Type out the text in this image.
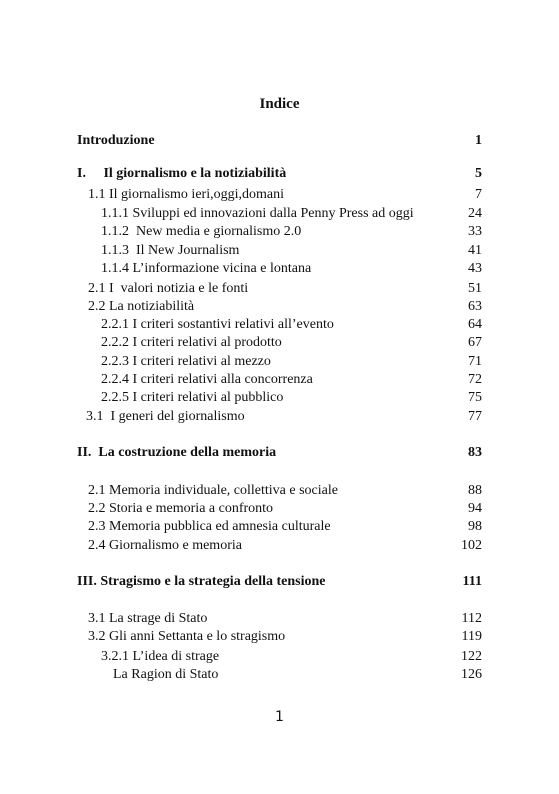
Indice
Introduzione	1
I.     Il giornalismo e la notiziabilità	5
1.1 Il giornalismo ieri,oggi,domani	7
1.1.1 Sviluppi ed innovazioni dalla Penny Press ad oggi	24
1.1.2  New media e giornalismo 2.0	33
1.1.3  Il New Journalism	41
1.1.4 L’informazione vicina e lontana	43
2.1 I  valori notizia e le fonti	51
2.2 La notiziabilità	63
2.2.1 I criteri sostantivi relativi all’evento	64
2.2.2 I criteri relativi al prodotto	67
2.2.3 I criteri relativi al mezzo	71
2.2.4 I criteri relativi alla concorrenza	72
2.2.5 I criteri relativi al pubblico	75
3.1  I generi del giornalismo	77
II.  La costruzione della memoria	83
2.1 Memoria individuale, collettiva e sociale	88
2.2 Storia e memoria a confronto	94
2.3 Memoria pubblica ed amnesia culturale	98
2.4 Giornalismo e memoria	102
III. Stragismo e la strategia della tensione	111
3.1 La strage di Stato	112
3.2 Gli anni Settanta e lo stragismo	119
3.2.1 L’idea di strage	122
La Ragion di Stato	126
1
